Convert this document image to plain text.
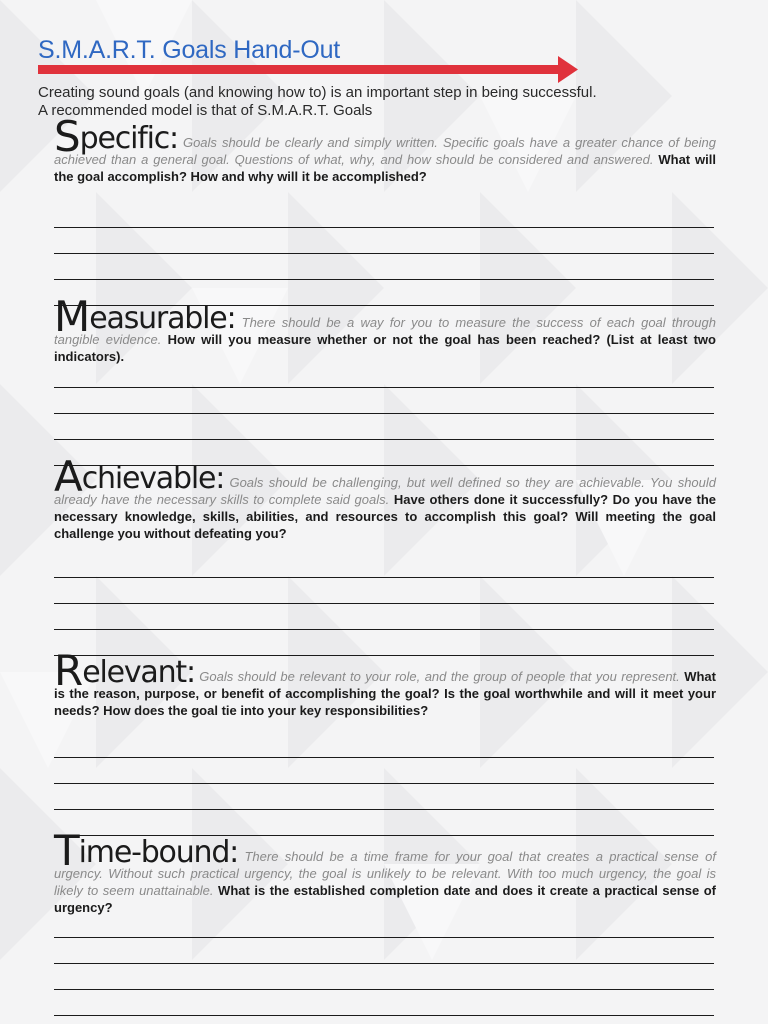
S.M.A.R.T. Goals Hand-Out
Creating sound goals (and knowing how to) is an important step in being successful.
A recommended model is that of S.M.A.R.T. Goals

Specific: Goals should be clearly and simply written. Specific goals have a greater chance of being achieved than a general goal. Questions of what, why, and how should be considered and answered. What will the goal accomplish? How and why will it be accomplished?

Measurable: There should be a way for you to measure the success of each goal through tangible evidence. How will you measure whether or not the goal has been reached? (List at least two indicators).

Achievable: Goals should be challenging, but well defined so they are achievable. You should already have the necessary skills to complete said goals. Have others done it successfully? Do you have the necessary knowledge, skills, abilities, and resources to accomplish this goal? Will meeting the goal challenge you without defeating you?

Relevant: Goals should be relevant to your role, and the group of people that you represent. What is the reason, purpose, or benefit of accomplishing the goal? Is the goal worthwhile and will it meet your needs? How does the goal tie into your key responsibilities?

Time-bound: There should be a time frame for your goal that creates a practical sense of urgency. Without such practical urgency, the goal is unlikely to be relevant. With too much urgency, the goal is likely to seem unattainable. What is the established completion date and does it create a practical sense of urgency?
